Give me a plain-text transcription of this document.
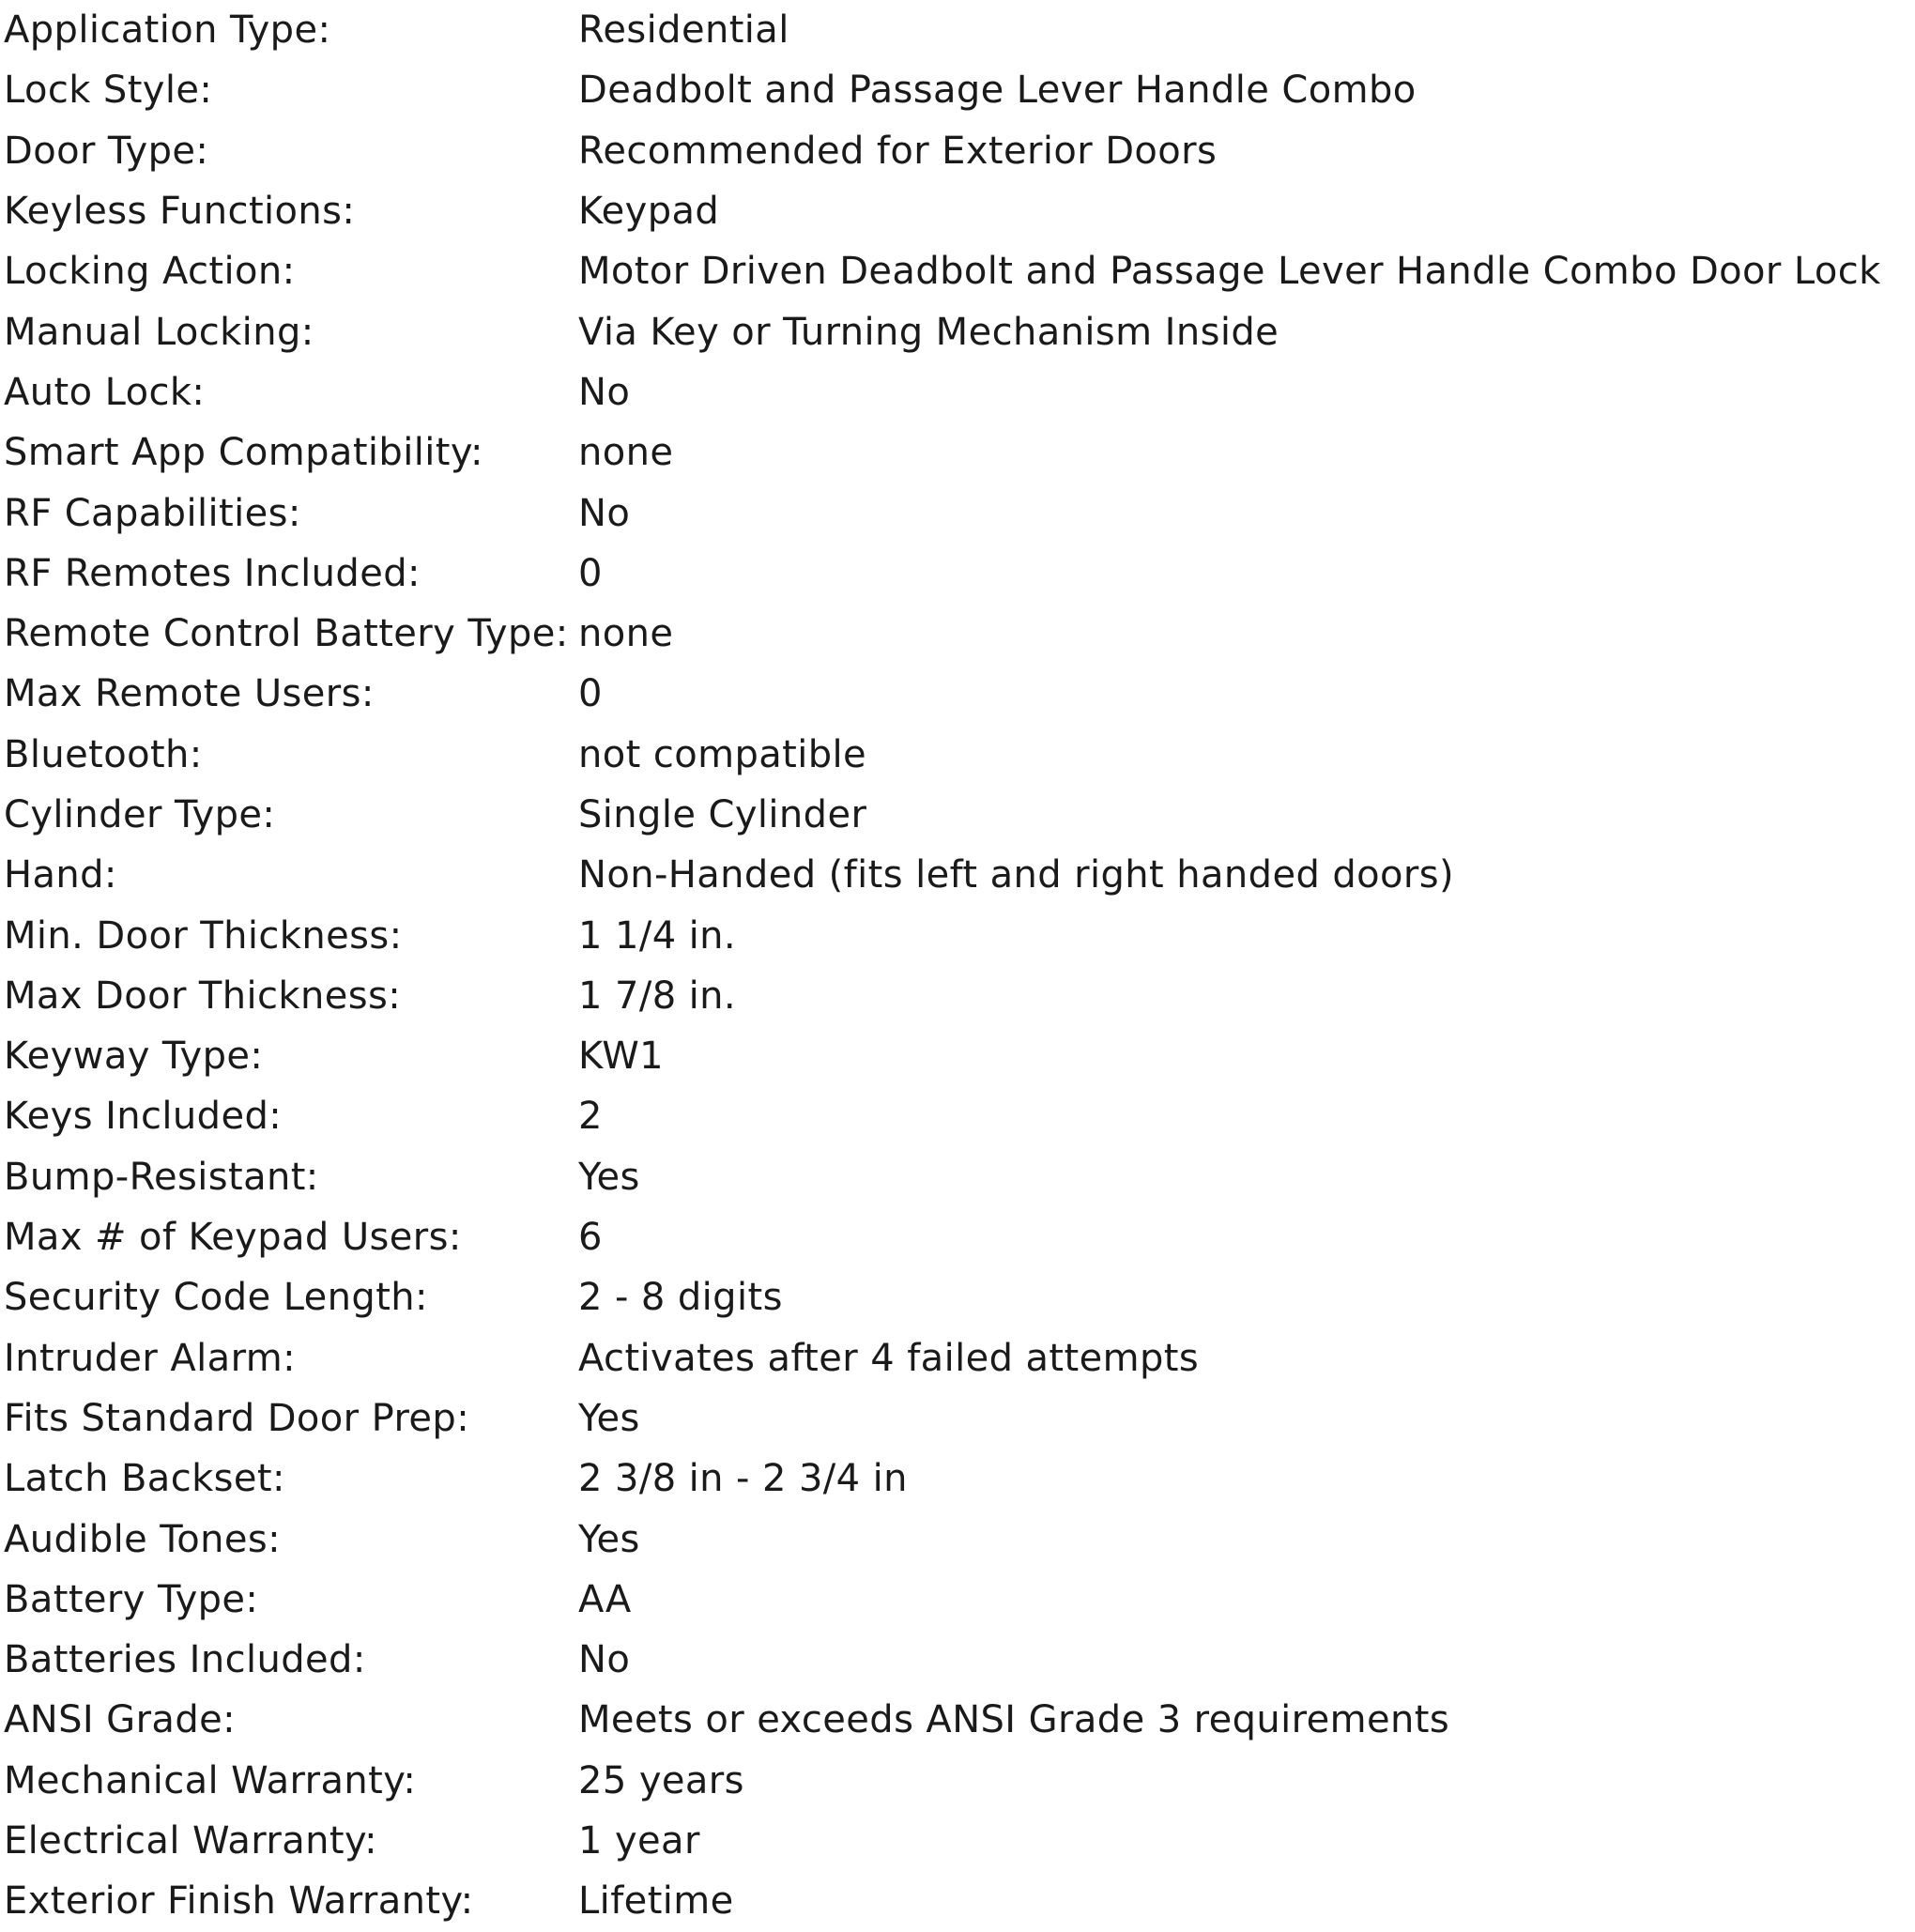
Application Type:	Residential
Lock Style:	Deadbolt and Passage Lever Handle Combo
Door Type:	Recommended for Exterior Doors
Keyless Functions:	Keypad
Locking Action:	Motor Driven Deadbolt and Passage Lever Handle Combo Door Lock
Manual Locking:	Via Key or Turning Mechanism Inside
Auto Lock:	No
Smart App Compatibility:	none
RF Capabilities:	No
RF Remotes Included:	0
Remote Control Battery Type: none
Max Remote Users:	0
Bluetooth:	not compatible
Cylinder Type:	Single Cylinder
Hand:	Non-Handed (fits left and right handed doors)
Min. Door Thickness:	1 1/4 in.
Max Door Thickness:	1 7/8 in.
Keyway Type:	KW1
Keys Included:	2
Bump-Resistant:	Yes
Max # of Keypad Users:	6
Security Code Length:	2 - 8 digits
Intruder Alarm:	Activates after 4 failed attempts
Fits Standard Door Prep:	Yes
Latch Backset:	2 3/8 in - 2 3/4 in
Audible Tones:	Yes
Battery Type:	AA
Batteries Included:	No
ANSI Grade:	Meets or exceeds ANSI Grade 3 requirements
Mechanical Warranty:	25 years
Electrical Warranty:	1 year
Exterior Finish Warranty:	Lifetime
